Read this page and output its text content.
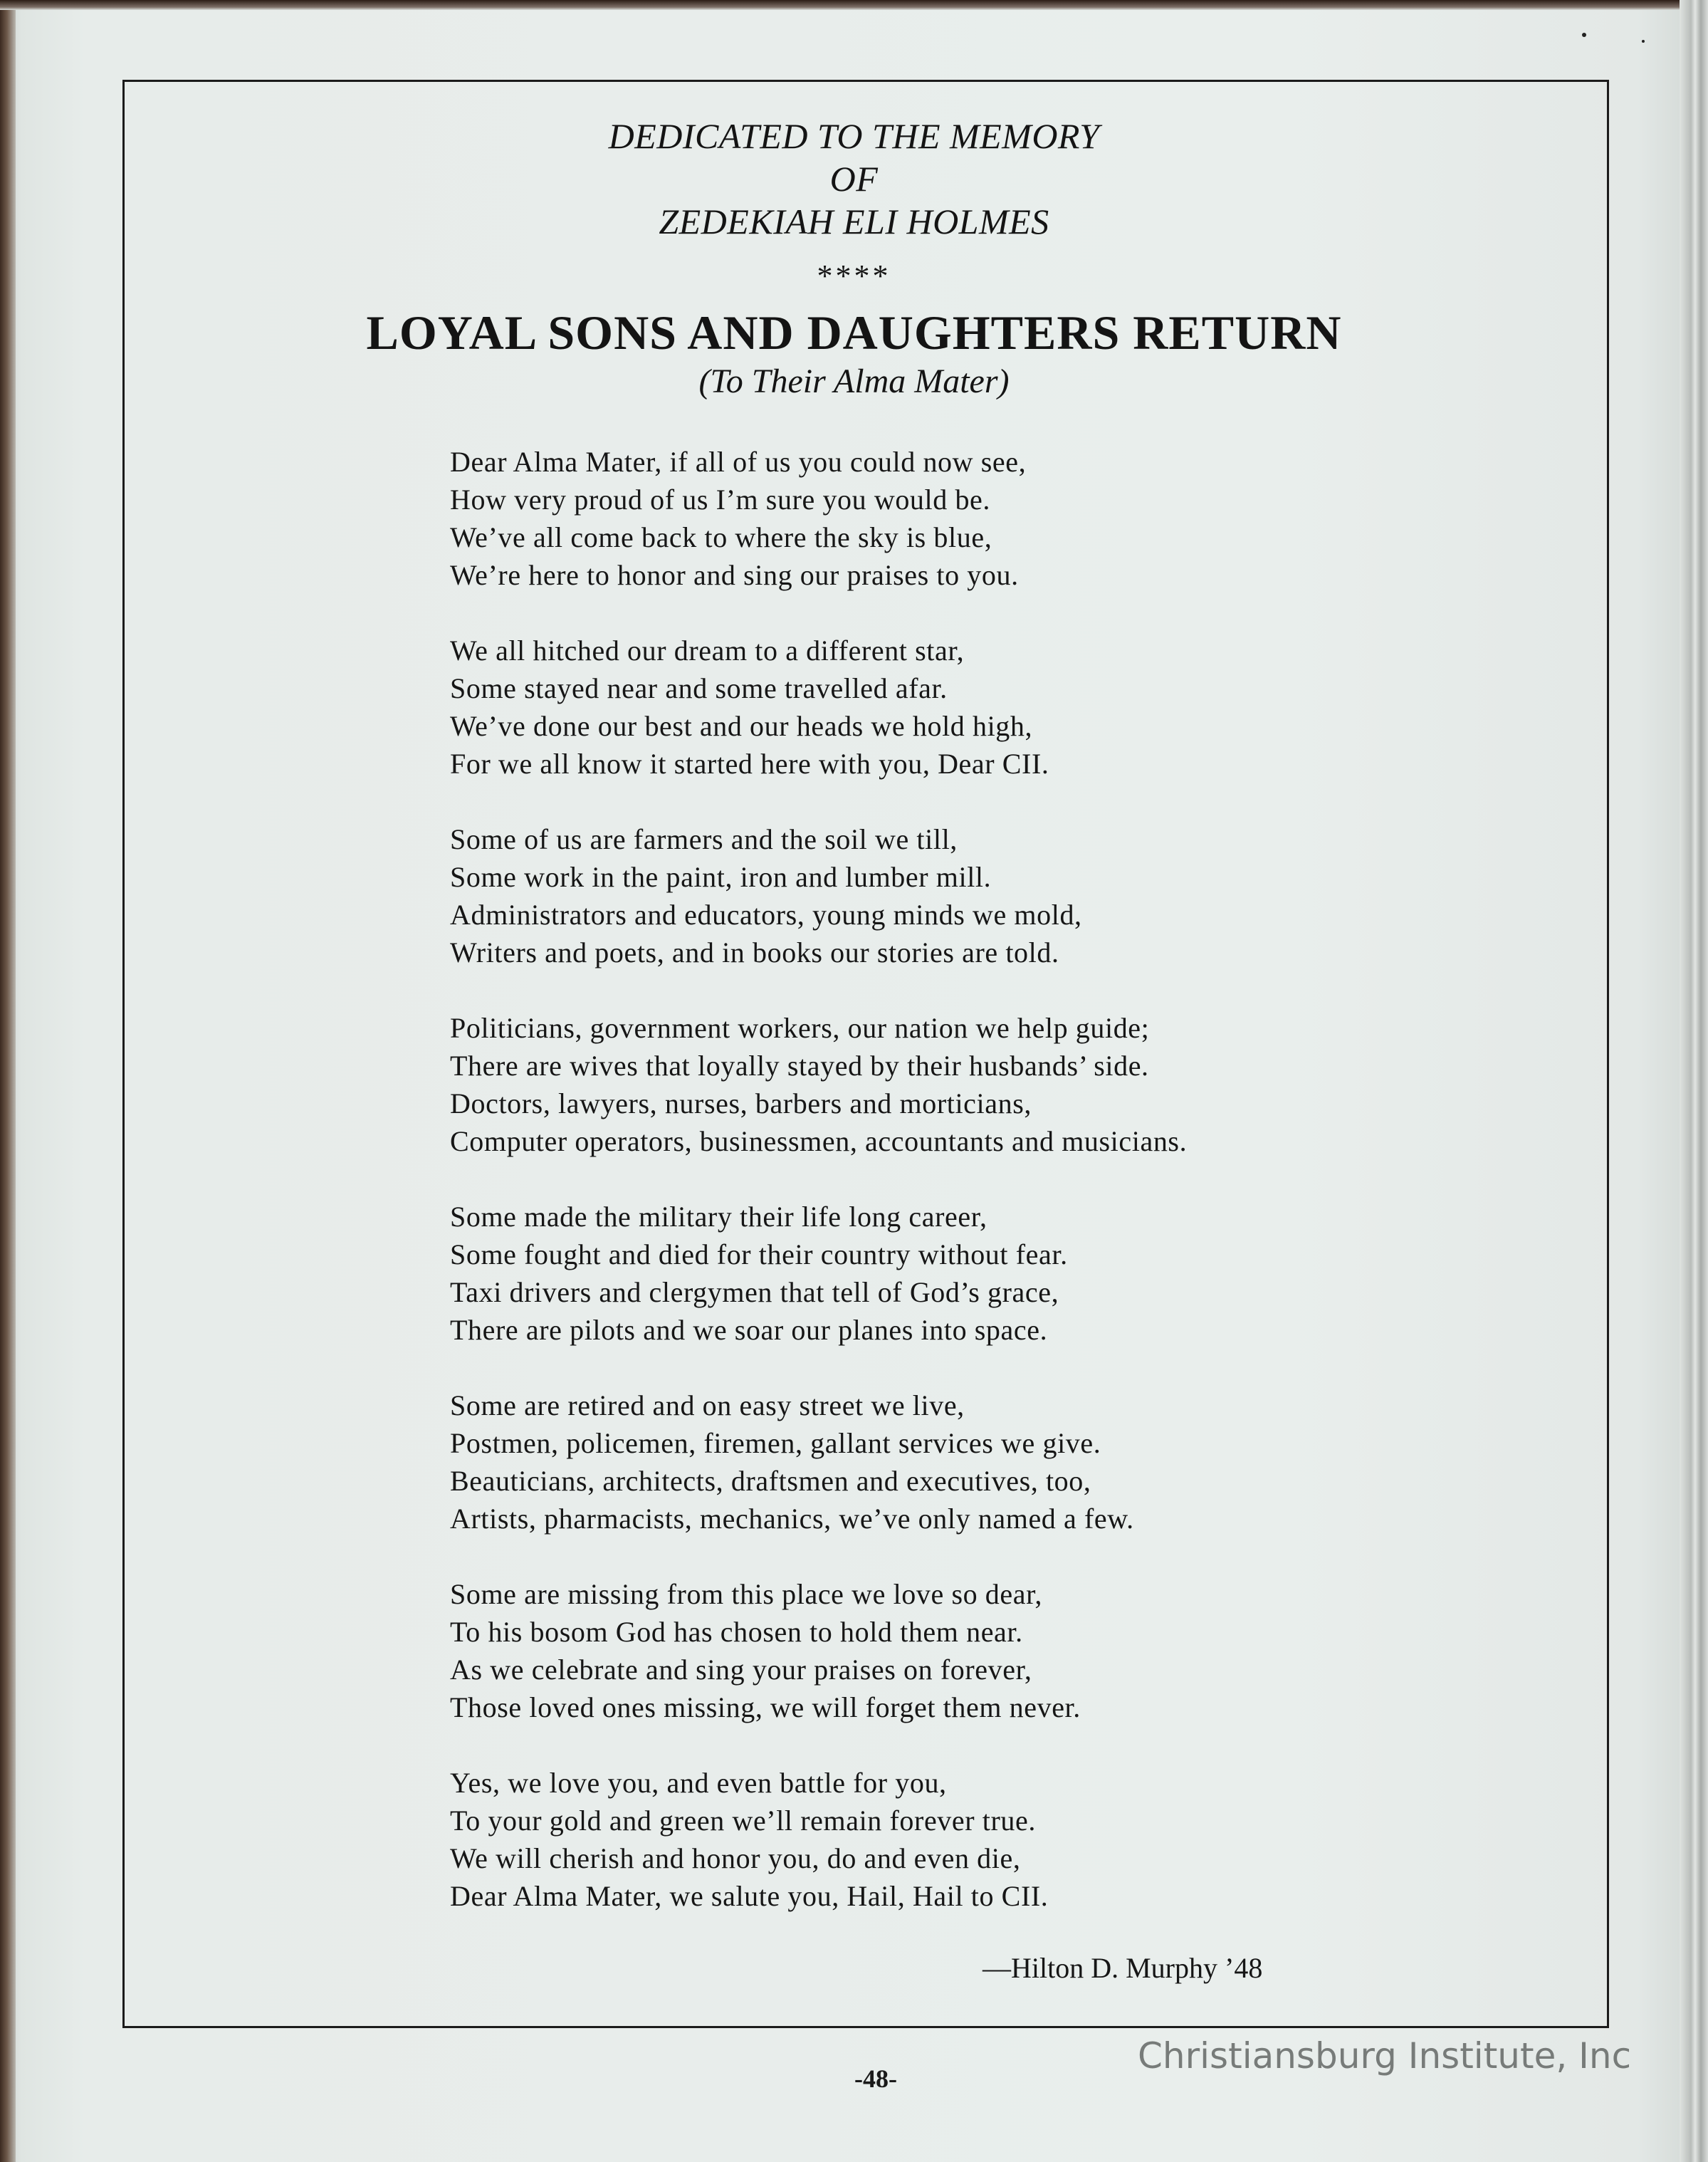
DEDICATED TO THE MEMORY
OF
ZEDEKIAH ELI HOLMES
****
LOYAL SONS AND DAUGHTERS RETURN
(To Their Alma Mater)
Dear Alma Mater, if all of us you could now see,
How very proud of us I’m sure you would be.
We’ve all come back to where the sky is blue,
We’re here to honor and sing our praises to you.
We all hitched our dream to a different star,
Some stayed near and some travelled afar.
We’ve done our best and our heads we hold high,
For we all know it started here with you, Dear CII.
Some of us are farmers and the soil we till,
Some work in the paint, iron and lumber mill.
Administrators and educators, young minds we mold,
Writers and poets, and in books our stories are told.
Politicians, government workers, our nation we help guide;
There are wives that loyally stayed by their husbands’ side.
Doctors, lawyers, nurses, barbers and morticians,
Computer operators, businessmen, accountants and musicians.
Some made the military their life long career,
Some fought and died for their country without fear.
Taxi drivers and clergymen that tell of God’s grace,
There are pilots and we soar our planes into space.
Some are retired and on easy street we live,
Postmen, policemen, firemen, gallant services we give.
Beauticians, architects, draftsmen and executives, too,
Artists, pharmacists, mechanics, we’ve only named a few.
Some are missing from this place we love so dear,
To his bosom God has chosen to hold them near.
As we celebrate and sing your praises on forever,
Those loved ones missing, we will forget them never.
Yes, we love you, and even battle for you,
To your gold and green we’ll remain forever true.
We will cherish and honor you, do and even die,
Dear Alma Mater, we salute you, Hail, Hail to CII.
—Hilton D. Murphy ’48
-48-
Christiansburg Institute, Inc
